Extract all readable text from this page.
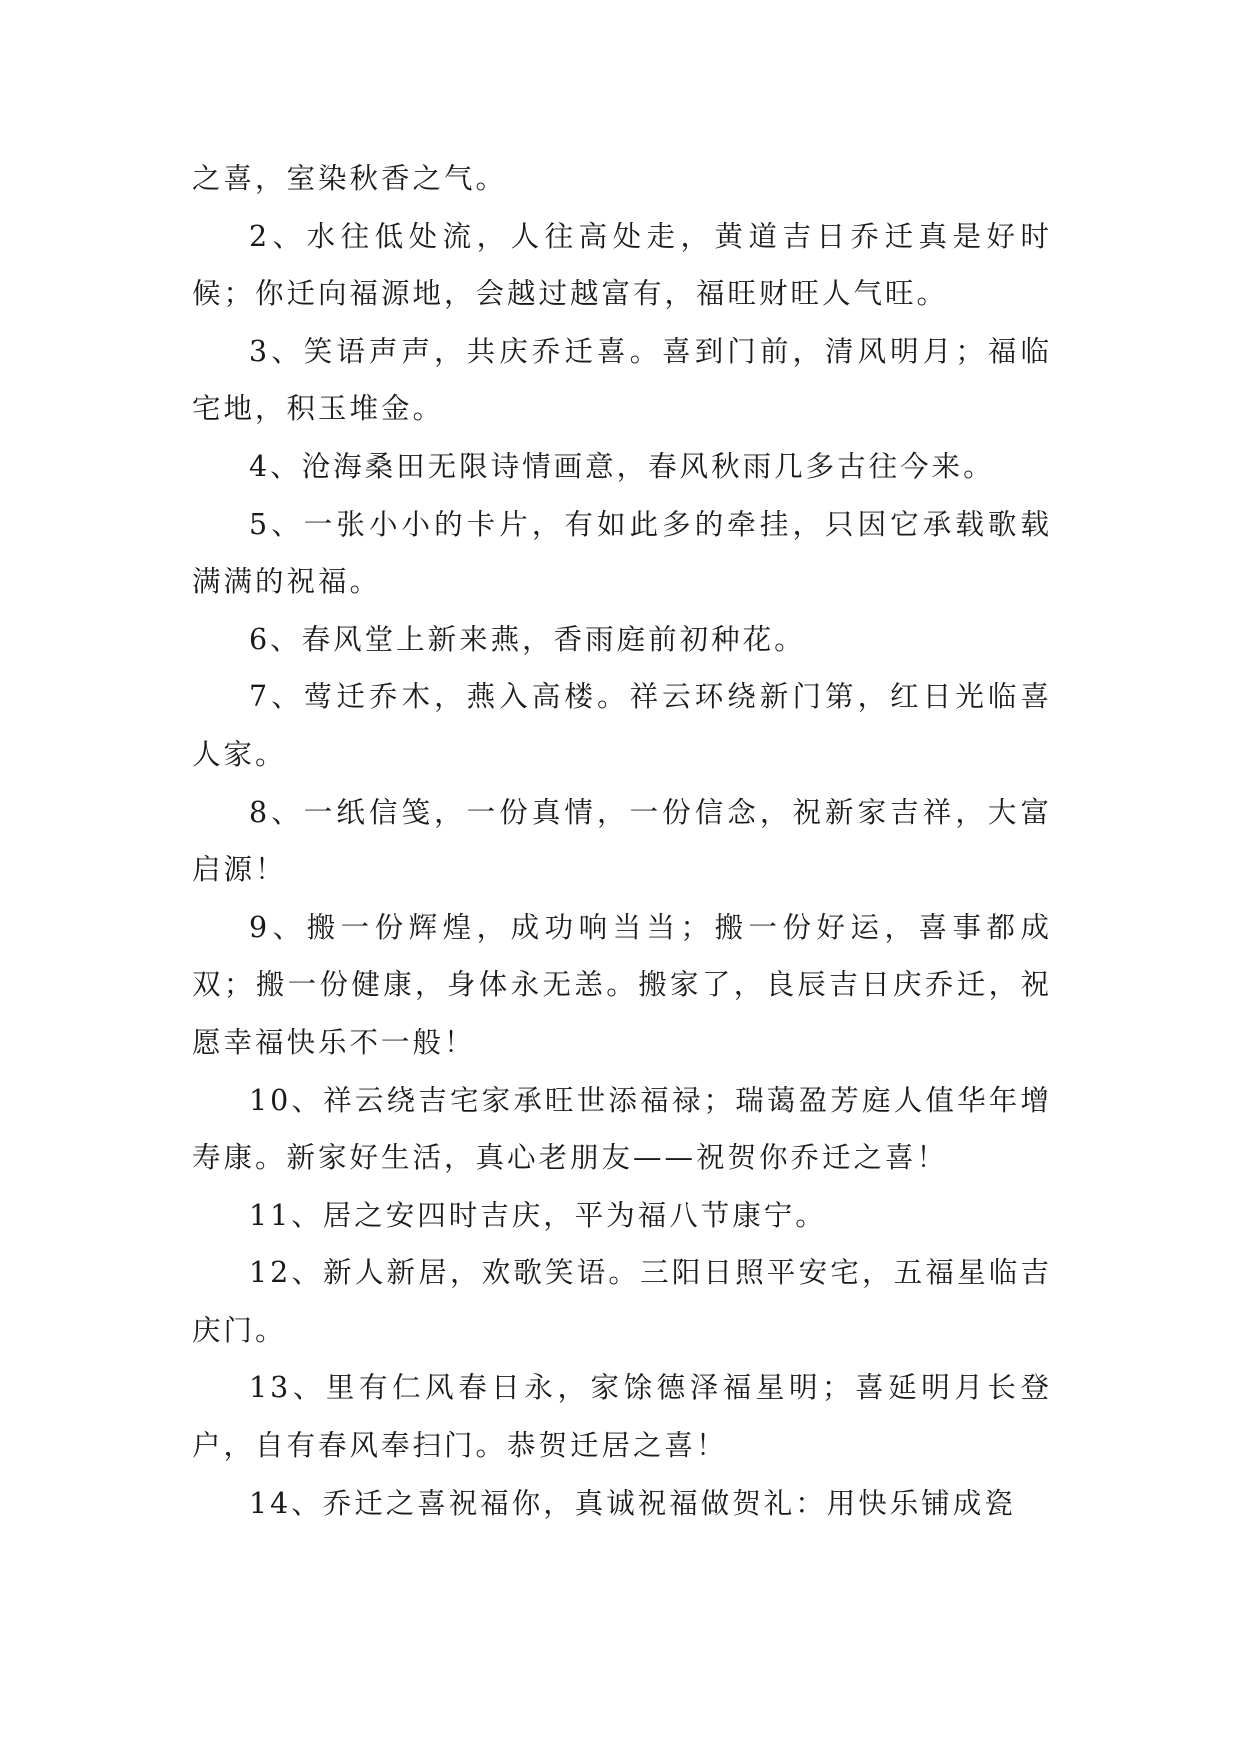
之喜，室染秋香之气。

2、水往低处流，人往高处走，黄道吉日乔迁真是好时候；你迁向福源地，会越过越富有，福旺财旺人气旺。

3、笑语声声，共庆乔迁喜。喜到门前，清风明月；福临宅地，积玉堆金。

4、沧海桑田无限诗情画意，春风秋雨几多古往今来。

5、一张小小的卡片，有如此多的牵挂，只因它承载歌载满满的祝福。

6、春风堂上新来燕，香雨庭前初种花。

7、莺迁乔木，燕入高楼。祥云环绕新门第，红日光临喜人家。

8、一纸信笺，一份真情，一份信念，祝新家吉祥，大富启源！

9、搬一份辉煌，成功响当当；搬一份好运，喜事都成双；搬一份健康，身体永无恙。搬家了，良辰吉日庆乔迁，祝愿幸福快乐不一般！

10、祥云绕吉宅家承旺世添福禄；瑞蔼盈芳庭人值华年增寿康。新家好生活，真心老朋友——祝贺你乔迁之喜！

11、居之安四时吉庆，平为福八节康宁。

12、新人新居，欢歌笑语。三阳日照平安宅，五福星临吉庆门。

13、里有仁风春日永，家馀德泽福星明；喜延明月长登户，自有春风奉扫门。恭贺迁居之喜！

14、乔迁之喜祝福你，真诚祝福做贺礼：用快乐铺成瓷
